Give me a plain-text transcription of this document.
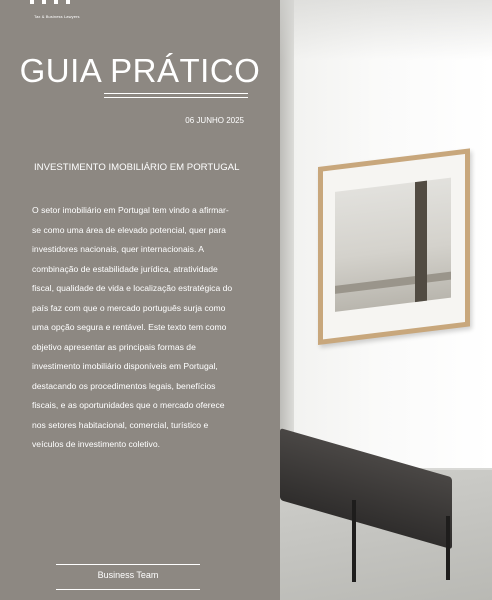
Tax & Business Lawyers
GUIA PRÁTICO
06 JUNHO 2025
INVESTIMENTO IMOBILIÁRIO EM PORTUGAL

O setor imobiliário em Portugal tem vindo a afirmar-
se como uma área de elevado potencial, quer para
investidores nacionais, quer internacionais. A
combinação de estabilidade jurídica, atratividade
fiscal, qualidade de vida e localização estratégica do
país faz com que o mercado português surja como
uma opção segura e rentável. Este texto tem como
objetivo apresentar as principais formas de
investimento imobiliário disponíveis em Portugal,
destacando os procedimentos legais, benefícios
fiscais, e as oportunidades que o mercado oferece
nos setores habitacional, comercial, turístico e
veículos de investimento coletivo.

Business Team
